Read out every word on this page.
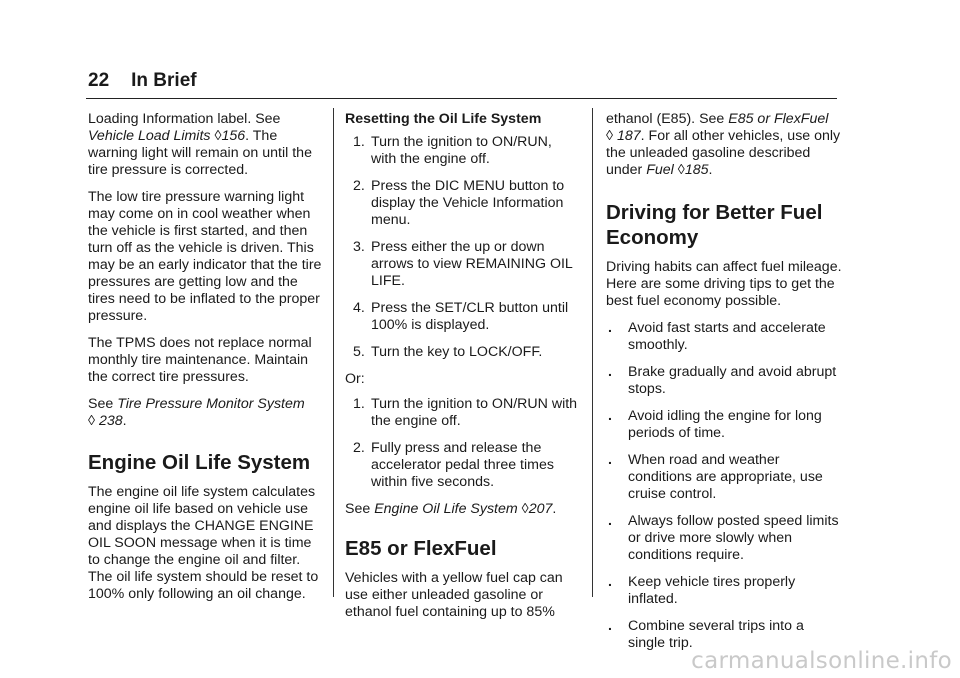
22 In Brief

Loading Information label. See Vehicle Load Limits ◊156. The warning light will remain on until the tire pressure is corrected.

The low tire pressure warning light may come on in cool weather when the vehicle is first started, and then turn off as the vehicle is driven. This may be an early indicator that the tire pressures are getting low and the tires need to be inflated to the proper pressure.

The TPMS does not replace normal monthly tire maintenance. Maintain the correct tire pressures.

See Tire Pressure Monitor System
◊ 238.

Engine Oil Life System

The engine oil life system calculates engine oil life based on vehicle use and displays the CHANGE ENGINE OIL SOON message when it is time to change the engine oil and filter. The oil life system should be reset to 100% only following an oil change.

Resetting the Oil Life System
1. Turn the ignition to ON/RUN, with the engine off.
2. Press the DIC MENU button to display the Vehicle Information menu.
3. Press either the up or down arrows to view REMAINING OIL LIFE.
4. Press the SET/CLR button until 100% is displayed.
5. Turn the key to LOCK/OFF.

Or:

1. Turn the ignition to ON/RUN with the engine off.
2. Fully press and release the accelerator pedal three times within five seconds.

See Engine Oil Life System ◊207.

E85 or FlexFuel

Vehicles with a yellow fuel cap can use either unleaded gasoline or ethanol fuel containing up to 85%

ethanol (E85). See E85 or FlexFuel
◊ 187. For all other vehicles, use only the unleaded gasoline described under Fuel ◊185.

Driving for Better Fuel Economy

Driving habits can affect fuel mileage. Here are some driving tips to get the best fuel economy possible.

. Avoid fast starts and accelerate smoothly.
. Brake gradually and avoid abrupt stops.
. Avoid idling the engine for long periods of time.
. When road and weather conditions are appropriate, use cruise control.
. Always follow posted speed limits or drive more slowly when conditions require.
. Keep vehicle tires properly inflated.
. Combine several trips into a single trip.
carmanualsonline.info
